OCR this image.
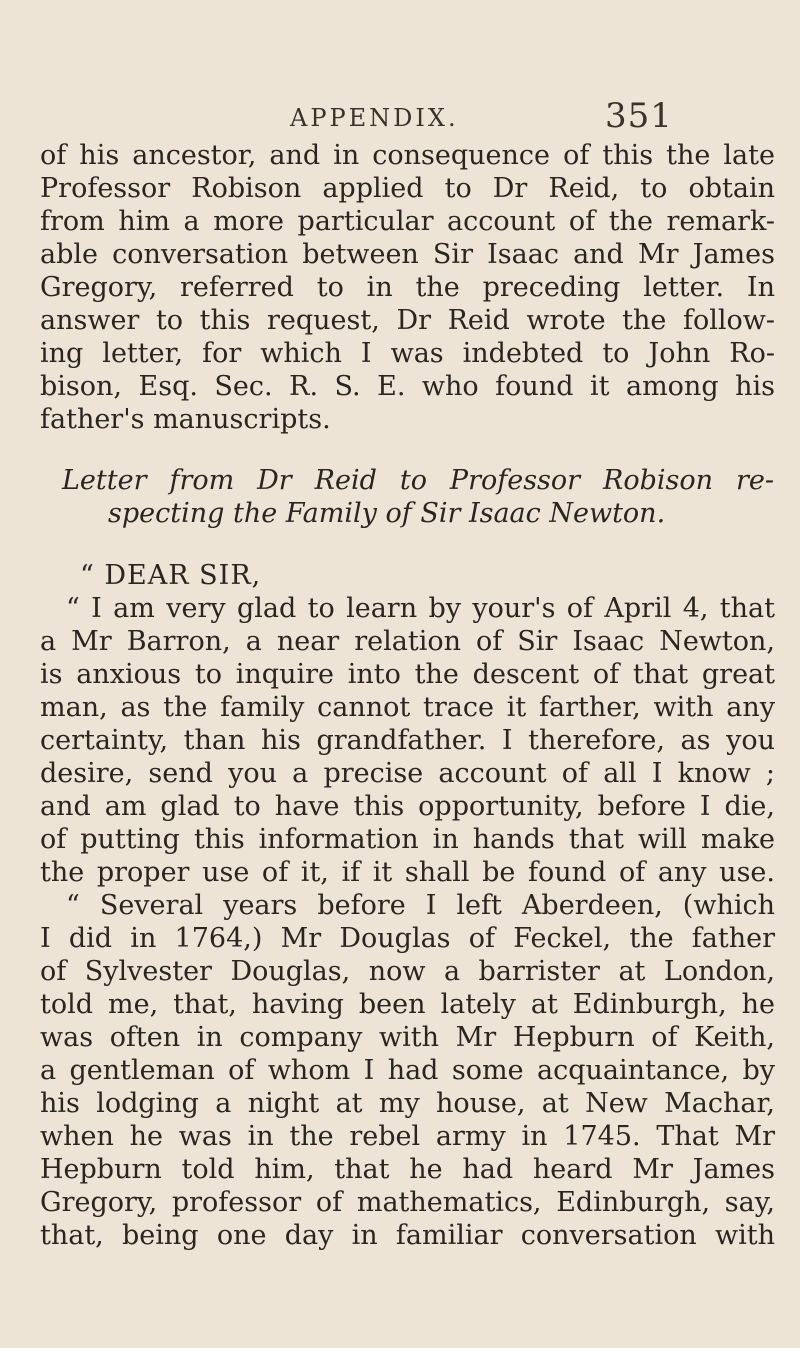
APPENDIX.	351
of his ancestor, and in consequence of this the late
Professor Robison applied to Dr Reid, to obtain
from him a more particular account of the remark-
able conversation between Sir Isaac and Mr James
Gregory, referred to in the preceding letter. In
answer to this request, Dr Reid wrote the follow-
ing letter, for which I was indebted to John Ro-
bison, Esq. Sec. R. S. E. who found it among his
father's manuscripts.
Letter from Dr Reid to Professor Robison re-
specting the Family of Sir Isaac Newton.
“ DEAR SIR,
“ I am very glad to learn by your's of April 4, that
a Mr Barron, a near relation of Sir Isaac Newton,
is anxious to inquire into the descent of that great
man, as the family cannot trace it farther, with any
certainty, than his grandfather. I therefore, as you
desire, send you a precise account of all I know ;
and am glad to have this opportunity, before I die,
of putting this information in hands that will make
the proper use of it, if it shall be found of any use.
“ Several years before I left Aberdeen, (which
I did in 1764,) Mr Douglas of Feckel, the father
of Sylvester Douglas, now a barrister at London,
told me, that, having been lately at Edinburgh, he
was often in company with Mr Hepburn of Keith,
a gentleman of whom I had some acquaintance, by
his lodging a night at my house, at New Machar,
when he was in the rebel army in 1745. That Mr
Hepburn told him, that he had heard Mr James
Gregory, professor of mathematics, Edinburgh, say,
that, being one day in familiar conversation with
